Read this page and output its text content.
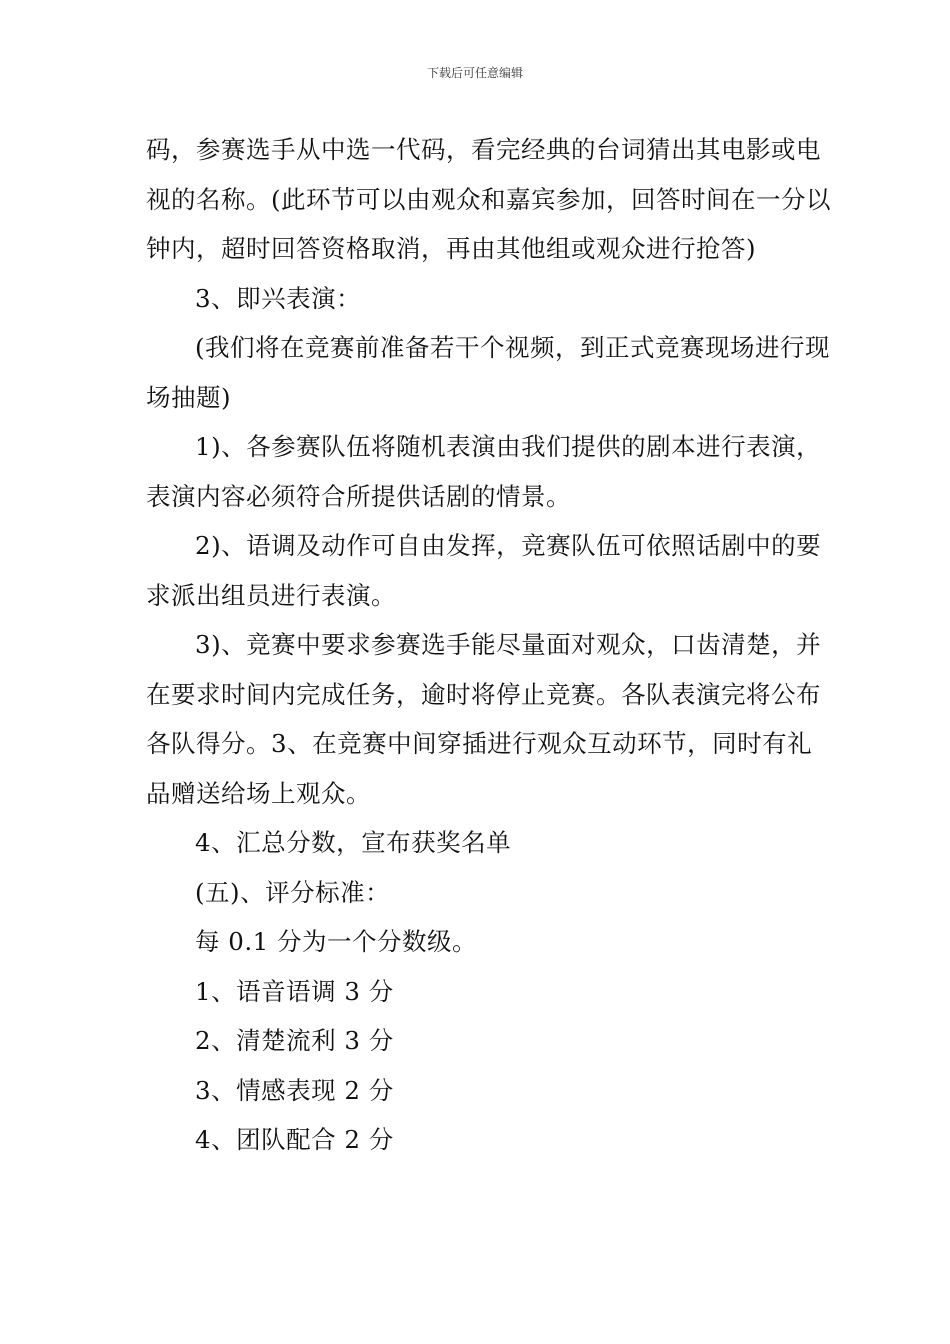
下载后可任意编辑

码，参赛选手从中选一代码，看完经典的台词猜出其电影或电视的名称。(此环节可以由观众和嘉宾参加，回答时间在一分以钟内，超时回答资格取消，再由其他组或观众进行抢答)

3、即兴表演：

(我们将在竞赛前准备若干个视频，到正式竞赛现场进行现场抽题)

1)、各参赛队伍将随机表演由我们提供的剧本进行表演，表演内容必须符合所提供话剧的情景。

2)、语调及动作可自由发挥，竞赛队伍可依照话剧中的要求派出组员进行表演。

3)、竞赛中要求参赛选手能尽量面对观众，口齿清楚，并在要求时间内完成任务，逾时将停止竞赛。各队表演完将公布各队得分。3、在竞赛中间穿插进行观众互动环节，同时有礼品赠送给场上观众。

4、汇总分数，宣布获奖名单

(五)、评分标准：

每 0.1 分为一个分数级。

1、语音语调 3 分

2、清楚流利 3 分

3、情感表现 2 分

4、团队配合 2 分
